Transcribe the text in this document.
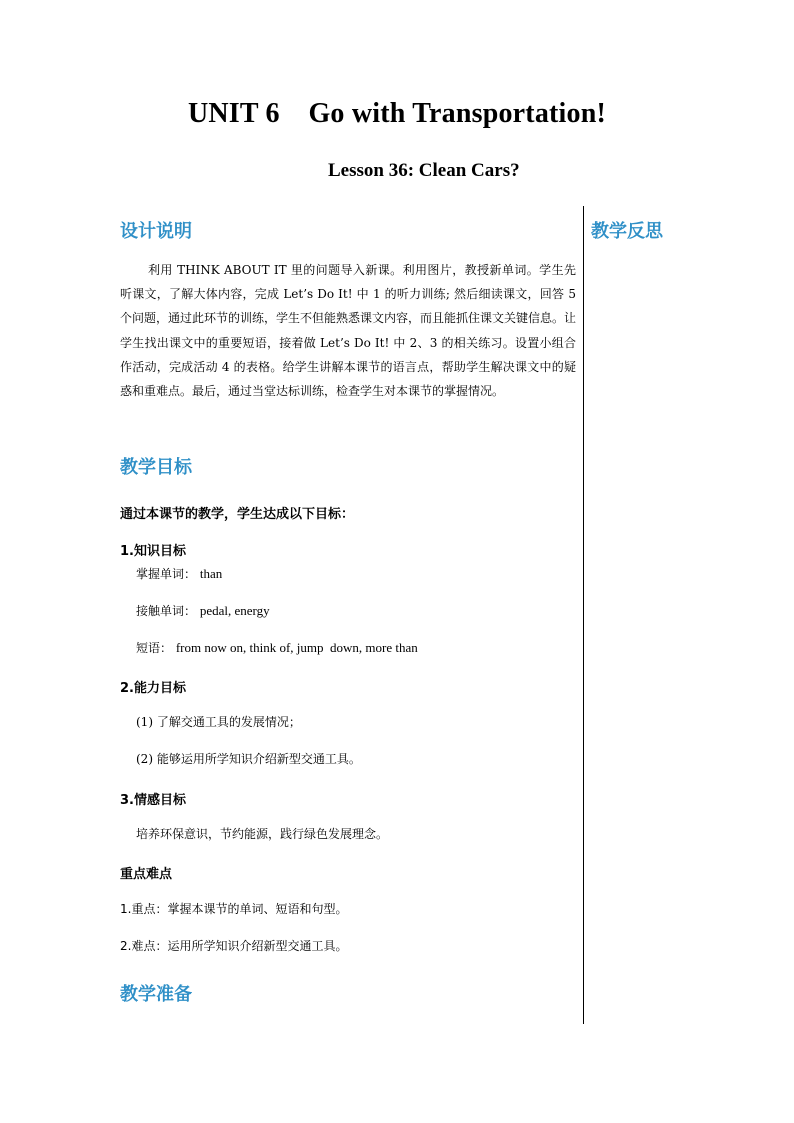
UNIT 6    Go with Transportation!
Lesson 36: Clean Cars?
设计说明	教学反思
利用 THINK ABOUT IT 里的问题导入新课。利用图片，教授新单词。学生先听课文，了解大体内容，完成 Let’s Do It! 中 1 的听力训练; 然后细读课文，回答 5 个问题，通过此环节的训练，学生不但能熟悉课文内容，而且能抓住课文关键信息。让学生找出课文中的重要短语，接着做 Let’s Do It! 中 2、3 的相关练习。设置小组合作活动，完成活动 4 的表格。给学生讲解本课节的语言点，帮助学生解决课文中的疑惑和重难点。最后，通过当堂达标训练，检查学生对本课节的掌握情况。
教学目标
通过本课节的教学，学生达成以下目标：
1.知识目标
掌握单词： than
接触单词： pedal, energy
短语： from now on, think of, jump  down, more than
2.能力目标
(1) 了解交通工具的发展情况；
(2) 能够运用所学知识介绍新型交通工具。
3.情感目标
培养环保意识，节约能源，践行绿色发展理念。
重点难点
1.重点：掌握本课节的单词、短语和句型。
2.难点：运用所学知识介绍新型交通工具。
教学准备
